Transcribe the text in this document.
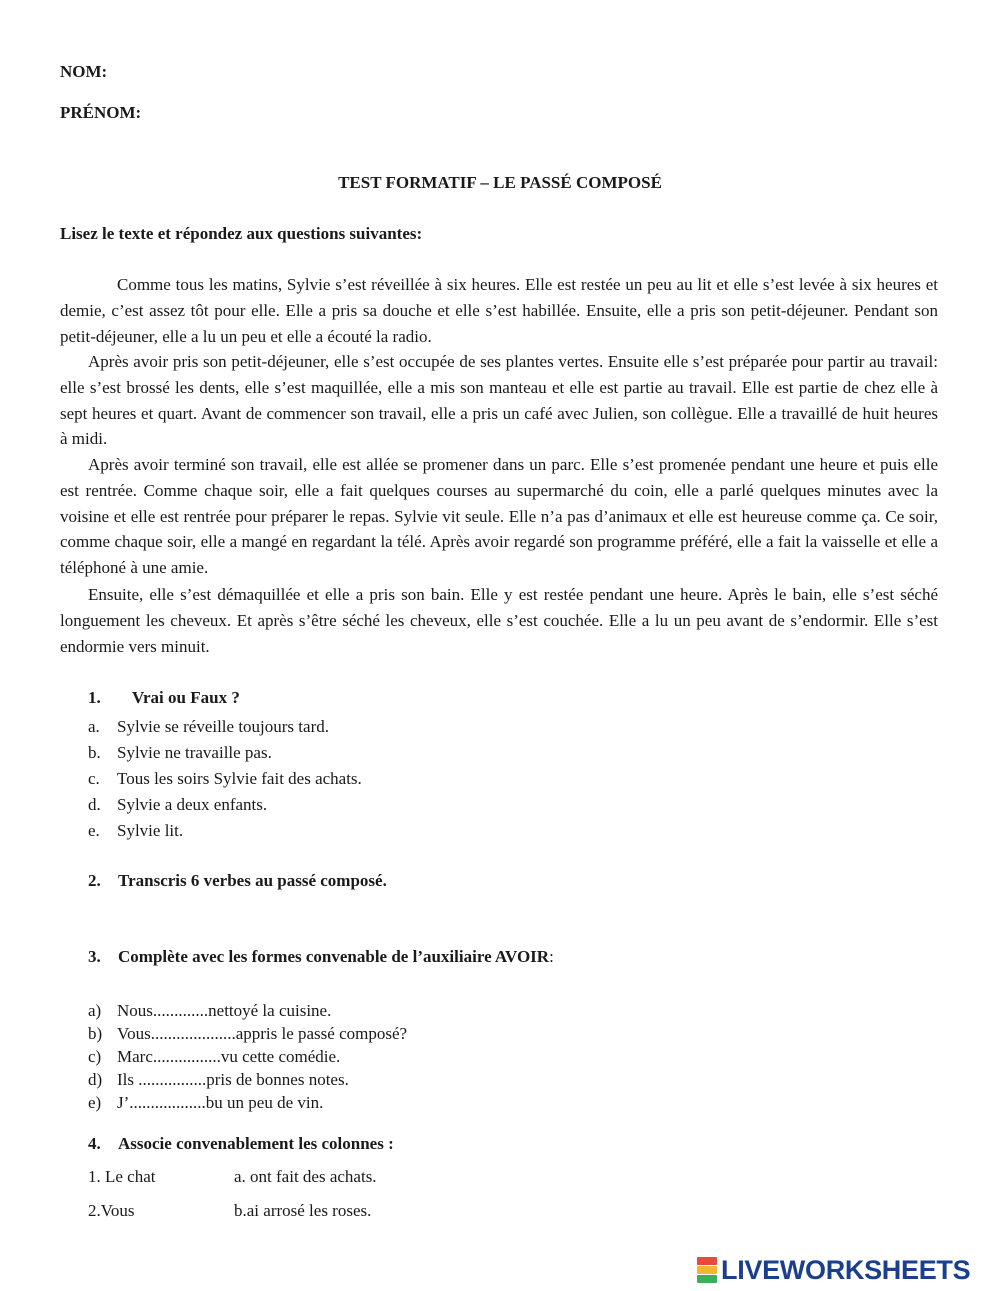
NOM:
PRÉNOM:
TEST FORMATIF – LE PASSÉ COMPOSÉ
Lisez le texte et répondez aux questions suivantes:

Comme tous les matins, Sylvie s’est réveillée à six heures. Elle est restée un peu au lit et elle s’est levée à six heures et demie, c’est assez tôt pour elle. Elle a pris sa douche et elle s’est habillée. Ensuite, elle a pris son petit-déjeuner. Pendant son petit-déjeuner, elle a lu un peu et elle a écouté la radio.

Après avoir pris son petit-déjeuner, elle s’est occupée de ses plantes vertes. Ensuite elle s’est préparée pour partir au travail: elle s’est brossé les dents, elle s’est maquillée, elle a mis son manteau et elle est partie au travail. Elle est partie de chez elle à sept heures et quart. Avant de commencer son travail, elle a pris un café avec Julien, son collègue. Elle a travaillé de huit heures à midi.

Après avoir terminé son travail, elle est allée se promener dans un parc. Elle s’est promenée pendant une heure et puis elle est rentrée. Comme chaque soir, elle a fait quelques courses au supermarché du coin, elle a parlé quelques minutes avec la voisine et elle est rentrée pour préparer le repas. Sylvie vit seule. Elle n’a pas d’animaux et elle est heureuse comme ça. Ce soir, comme chaque soir, elle a mangé en regardant la télé. Après avoir regardé son programme préféré, elle a fait la vaisselle et elle a téléphoné à une amie.

Ensuite, elle s’est démaquillée et elle a pris son bain. Elle y est restée pendant une heure. Après le bain, elle s’est séché longuement les cheveux. Et après s’être séché les cheveux, elle s’est couchée. Elle a lu un peu avant de s’endormir. Elle s’est endormie vers minuit.

1. Vrai ou Faux ?
a. Sylvie se réveille toujours tard.
b. Sylvie ne travaille pas.
c. Tous les soirs Sylvie fait des achats.
d. Sylvie a deux enfants.
e. Sylvie lit.
2. Transcris 6 verbes au passé composé.
3. Complète avec les formes convenable de l’auxiliaire AVOIR:
a) Nous.............nettoyé la cuisine.
b) Vous....................appris le passé composé?
c) Marc................vu cette comédie.
d) Ils ................pris de bonnes notes.
e) J’..................bu un peu de vin.
4. Associe convenablement les colonnes :
1. Le chat	a. ont fait des achats.
2.Vous	b.ai arrosé les roses.
LIVEWORKSHEETS
